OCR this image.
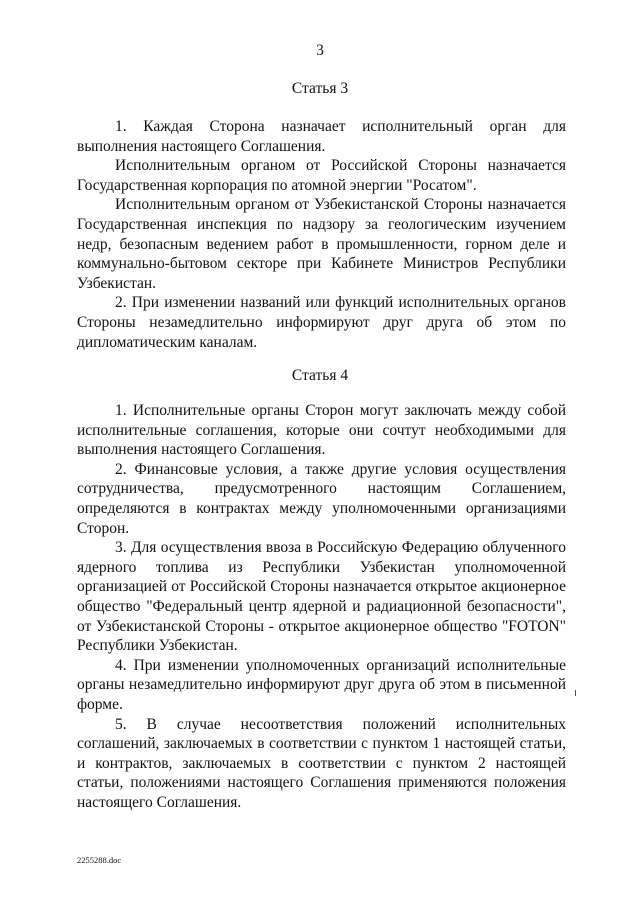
3
Статья 3

1. Каждая Сторона назначает исполнительный орган для выполнения настоящего Соглашения.

Исполнительным органом от Российской Стороны назначается Государственная корпорация по атомной энергии "Росатом".

Исполнительным органом от Узбекистанской Стороны назначается Государственная инспекция по надзору за геологическим изучением недр, безопасным ведением работ в промышленности, горном деле и коммунально-бытовом секторе при Кабинете Министров Республики Узбекистан.

2. При изменении названий или функций исполнительных органов Стороны незамедлительно информируют друг друга об этом по дипломатическим каналам.

Статья 4

1. Исполнительные органы Сторон могут заключать между собой исполнительные соглашения, которые они сочтут необходимыми для выполнения настоящего Соглашения.

2. Финансовые условия, а также другие условия осуществления сотрудничества, предусмотренного настоящим Соглашением, определяются в контрактах между уполномоченными организациями Сторон.

3. Для осуществления ввоза в Российскую Федерацию облученного ядерного топлива из Республики Узбекистан уполномоченной организацией от Российской Стороны назначается открытое акционерное общество "Федеральный центр ядерной и радиационной безопасности", от Узбекистанской Стороны - открытое акционерное общество "FOTON" Республики Узбекистан.

4. При изменении уполномоченных организаций исполнительные органы незамедлительно информируют друг друга об этом в письменной форме.

5. В случае несоответствия положений исполнительных соглашений, заключаемых в соответствии с пунктом 1 настоящей статьи, и контрактов, заключаемых в соответствии с пунктом 2 настоящей статьи, положениями настоящего Соглашения применяются положения настоящего Соглашения.

2255288.doc
